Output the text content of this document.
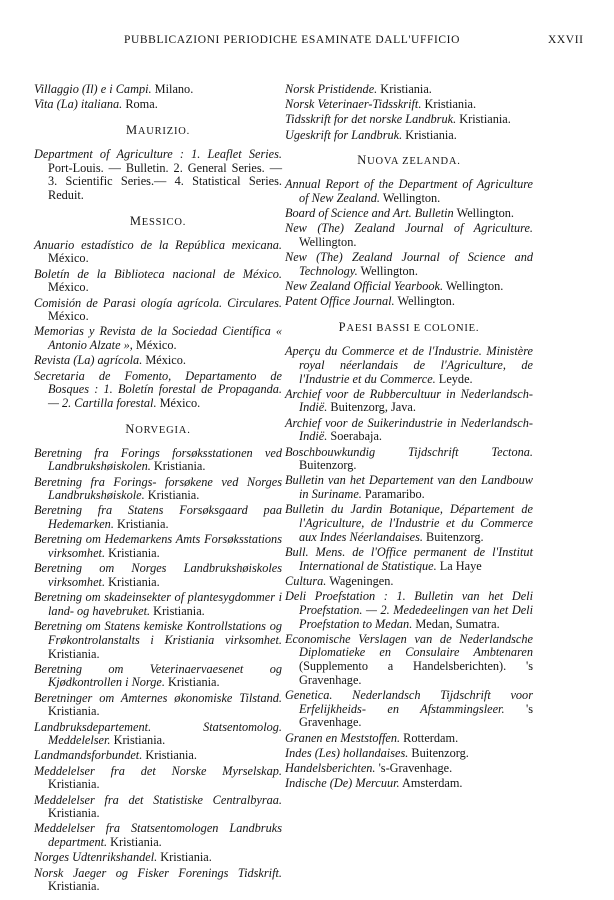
PUBBLICAZIONI PERIODICHE ESAMINATE DALL'UFFICIO	XXVII

Villaggio (Il) e i Campi. Milano.

Vita (La) italiana. Roma.

MAURIZIO.

Department of Agriculture : 1. Leaflet Series. Port-Louis. — Bulletin. 2. General Series. — 3. Scientific Series.— 4. Statistical Series. Reduit.

MESSICO.

Anuario estadístico de la República mexicana. México.

Boletín de la Biblioteca nacional de México. México.

Comisión de Parasi ología agrícola. Circulares. México.

Memorias y Revista de la Sociedad Científica « Antonio Alzate », México.

Revista (La) agrícola. México.

Secretaria de Fomento, Departamento de Bosques : 1. Boletín forestal de Propaganda. — 2. Cartilla forestal. México.

NORVEGIA.

Beretning fra Forings forsøksstationen ved Landbrukshøiskolen. Kristiania.

Beretning fra Forings- forsøkene ved Norges Landbrukshøiskole. Kristiania.

Beretning fra Statens Forsøksgaard paa Hedemarken. Kristiania.

Beretning om Hedemarkens Amts Forsøksstations virksomhet. Kristiania.

Beretning om Norges Landbrukshøiskoles virksomhet. Kristiania.

Beretning om skadeinsekter of plantesygdommer i land- og havebruket. Kristiania.

Beretning om Statens kemiske Kontrollstations og Frøkontrolanstalts i Kristiania virksomhet. Kristiania.

Beretning om Veterinaervaesenet og Kjødkontrollen i Norge. Kristiania.

Beretninger om Amternes økonomiske Tilstand. Kristiania.

Landbruksdepartement. Statsentomolog. Meddelelser. Kristiania.

Landmandsforbundet. Kristiania.

Meddelelser fra det Norske Myrselskap. Kristiania.

Meddelelser fra det Statistiske Centralbyraa. Kristiania.

Meddelelser fra Statsentomologen Landbruks department. Kristiania.

Norges Udtenrikshandel. Kristiania.

Norsk Jaeger og Fisker Forenings Tidskrift. Kristiania.

Norsk Pristidende. Kristiania.

Norsk Veterinaer-Tidsskrift. Kristiania.

Tidsskrift for det norske Landbruk. Kristiania.

Ugeskrift for Landbruk. Kristiania.

NUOVA ZELANDA.

Annual Report of the Department of Agriculture of New Zealand. Wellington.

Board of Science and Art. Bulletin Wellington.

New (The) Zealand Journal of Agriculture. Wellington.

New (The) Zealand Journal of Science and Technology. Wellington.

New Zealand Official Yearbook. Wellington.

Patent Office Journal. Wellington.

PAESI BASSI E COLONIE.

Aperçu du Commerce et de l'Industrie. Ministère royal néerlandais de l'Agriculture, de l'Industrie et du Commerce. Leyde.

Archief voor de Rubbercultuur in Nederlandsch-Indië. Buitenzorg, Java.

Archief voor de Suikerindustrie in Nederlandsch-Indië. Soerabaja.

Boschbouwkundig Tijdschrift Tectona. Buitenzorg.

Bulletin van het Departement van den Landbouw in Suriname. Paramaribo.

Bulletin du Jardin Botanique, Département de l'Agriculture, de l'Industrie et du Commerce aux Indes Néerlandaises. Buitenzorg.

Bull. Mens. de l'Office permanent de l'Institut International de Statistique. La Haye

Cultura. Wageningen.

Deli Proefstation : 1. Bulletin van het Deli Proefstation. — 2. Mededeelingen van het Deli Proefstation to Medan. Medan, Sumatra.

Economische Verslagen van de Nederlandsche Diplomatieke en Consulaire Ambtenaren (Supplemento a Handelsberichten). 's Gravenhage.

Genetica. Nederlandsch Tijdschrift voor Erfelijkheids- en Afstammingsleer. 's Gravenhage.

Granen en Meststoffen. Rotterdam.

Indes (Les) hollandaises. Buitenzorg.

Handelsberichten. 's-Gravenhage.

Indische (De) Mercuur. Amsterdam.
